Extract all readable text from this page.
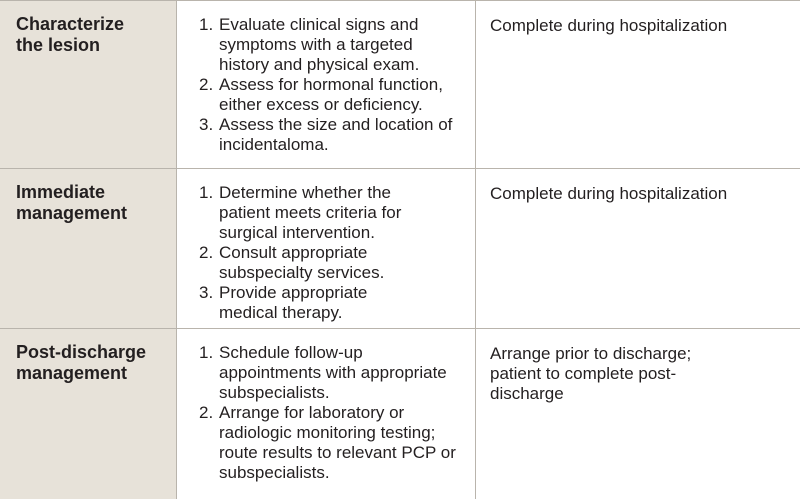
Characterize the lesion
1. Evaluate clinical signs and symptoms with a targeted history and physical exam.
2. Assess for hormonal function, either excess or deficiency.
3. Assess the size and location of incidentaloma.
Complete during hospitalization
Immediate management
1. Determine whether the patient meets criteria for surgical intervention.
2. Consult appropriate subspecialty services.
3. Provide appropriate medical therapy.
Complete during hospitalization
Post-discharge management
1. Schedule follow-up appointments with appropriate subspecialists.
2. Arrange for laboratory or radiologic monitoring testing; route results to relevant PCP or subspecialists.
Arrange prior to discharge; patient to complete post-discharge
